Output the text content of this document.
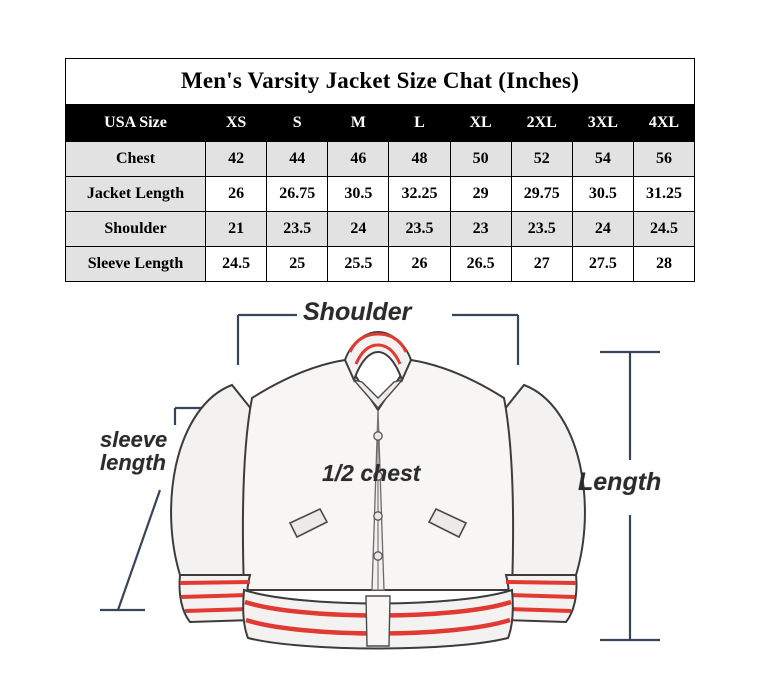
Men's Varsity Jacket Size Chat (Inches)								
USA Size	XS	S	M	L	XL	2XL	3XL	4XL
Chest	42	44	46	48	50	52	54	56
Jacket Length	26	26.75	30.5	32.25	29	29.75	30.5	31.25
Shoulder	21	23.5	24	23.5	23	23.5	24	24.5
Sleeve Length	24.5	25	25.5	26	26.5	27	27.5	28
Shoulder
sleeve
length	1/2 chest	Length
